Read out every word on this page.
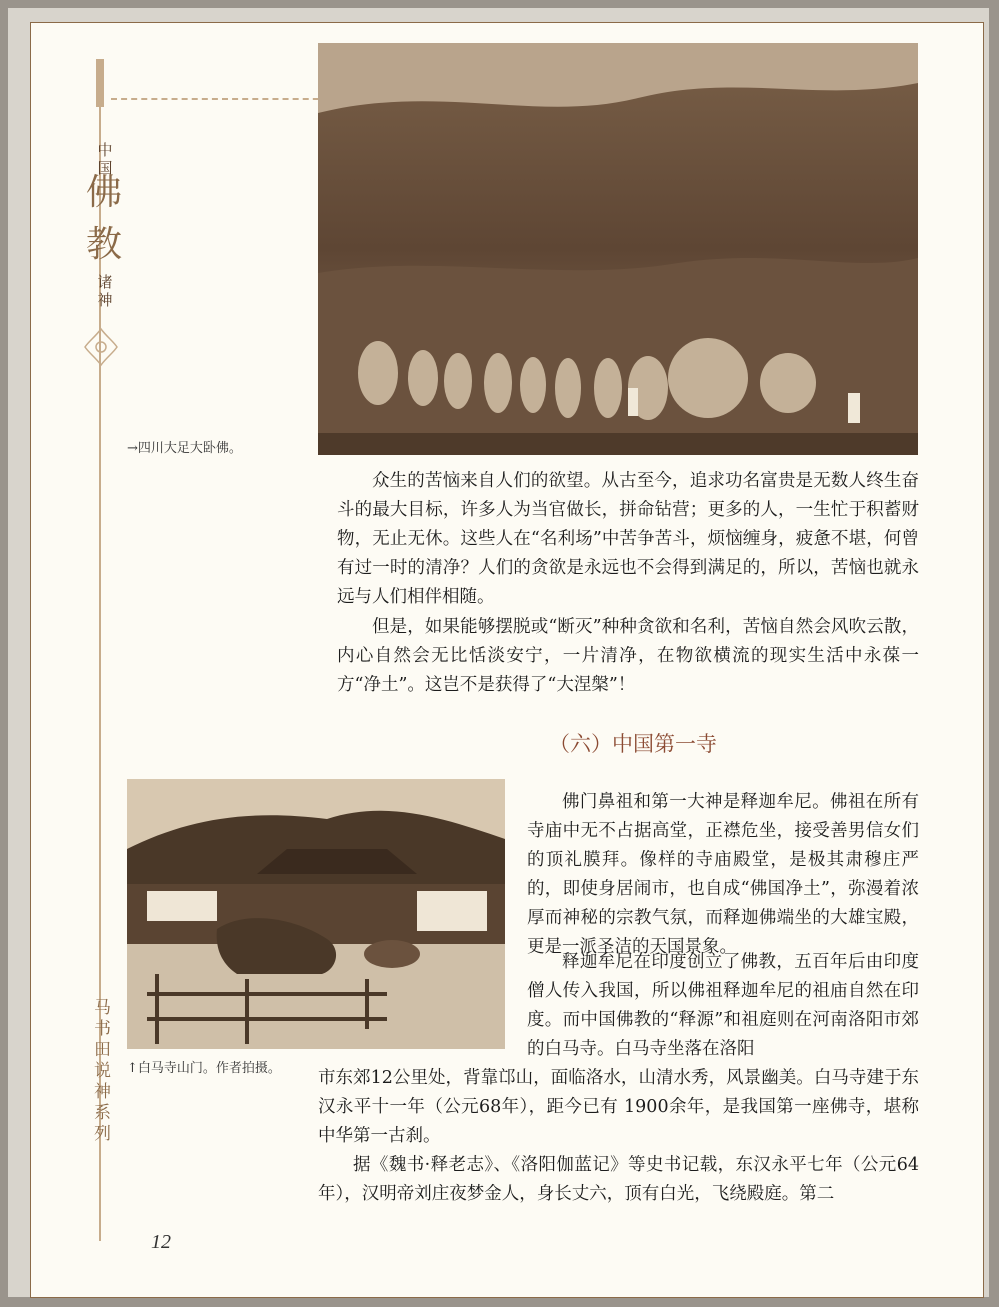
中国
佛
教
诸神
马书田说神系列
→四川大足大卧佛。

众生的苦恼来自人们的欲望。从古至今，追求功名富贵是无数人终生奋斗的最大目标，许多人为当官做长，拼命钻营；更多的人，一生忙于积蓄财物，无止无休。这些人在“名利场”中苦争苦斗，烦恼缠身，疲惫不堪，何曾有过一时的清净？人们的贪欲是永远也不会得到满足的，所以，苦恼也就永远与人们相伴相随。

但是，如果能够摆脱或“断灭”种种贪欲和名利，苦恼自然会风吹云散，内心自然会无比恬淡安宁，一片清净，在物欲横流的现实生活中永葆一方“净土”。这岂不是获得了“大涅槃”！

（六）中国第一寺
↑白马寺山门。作者拍摄。

佛门鼻祖和第一大神是释迦牟尼。佛祖在所有寺庙中无不占据高堂，正襟危坐，接受善男信女们的顶礼膜拜。像样的寺庙殿堂，是极其肃穆庄严的，即使身居闹市，也自成“佛国净土”，弥漫着浓厚而神秘的宗教气氛，而释迦佛端坐的大雄宝殿，更是一派圣洁的天国景象。

释迦牟尼在印度创立了佛教，五百年后由印度僧人传入我国，所以佛祖释迦牟尼的祖庙自然在印度。而中国佛教的“释源”和祖庭则在河南洛阳市郊的白马寺。白马寺坐落在洛阳

市东郊12公里处，背靠邙山，面临洛水，山清水秀，风景幽美。白马寺建于东汉永平十一年（公元68年），距今已有 1900余年，是我国第一座佛寺，堪称中华第一古刹。

据《魏书·释老志》、《洛阳伽蓝记》等史书记载，东汉永平七年（公元64年），汉明帝刘庄夜梦金人，身长丈六，顶有白光，飞绕殿庭。第二

12
